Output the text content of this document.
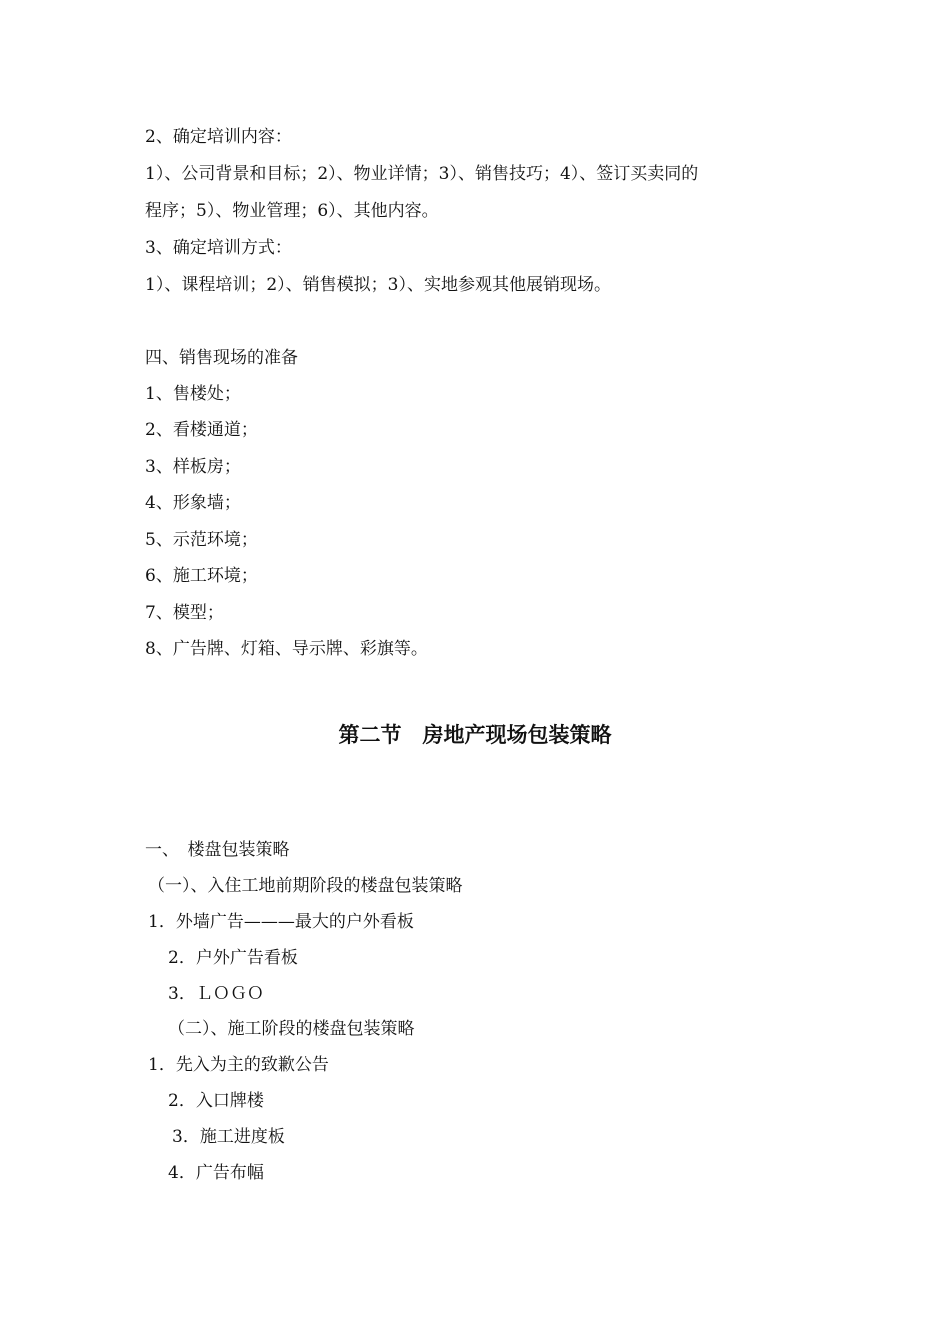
2、确定培训内容：
1）、公司背景和目标；2）、物业详情；3）、销售技巧；4）、签订买卖同的
程序；5）、物业管理；6）、其他内容。
3、确定培训方式：
1）、课程培训；2）、销售模拟；3）、实地参观其他展销现场。
四、销售现场的准备
1、售楼处；
2、看楼通道；
3、样板房；
4、形象墙；
5、示范环境；
6、施工环境；
7、模型；
8、广告牌、灯箱、导示牌、彩旗等。
第二节　房地产现场包装策略
一、　楼盘包装策略
（一）、入住工地前期阶段的楼盘包装策略
1．外墙广告———最大的户外看板
2．户外广告看板
3．ＬＯＧＯ
（二）、施工阶段的楼盘包装策略
1．先入为主的致歉公告
2．入口牌楼
3．施工进度板
4．广告布幅
